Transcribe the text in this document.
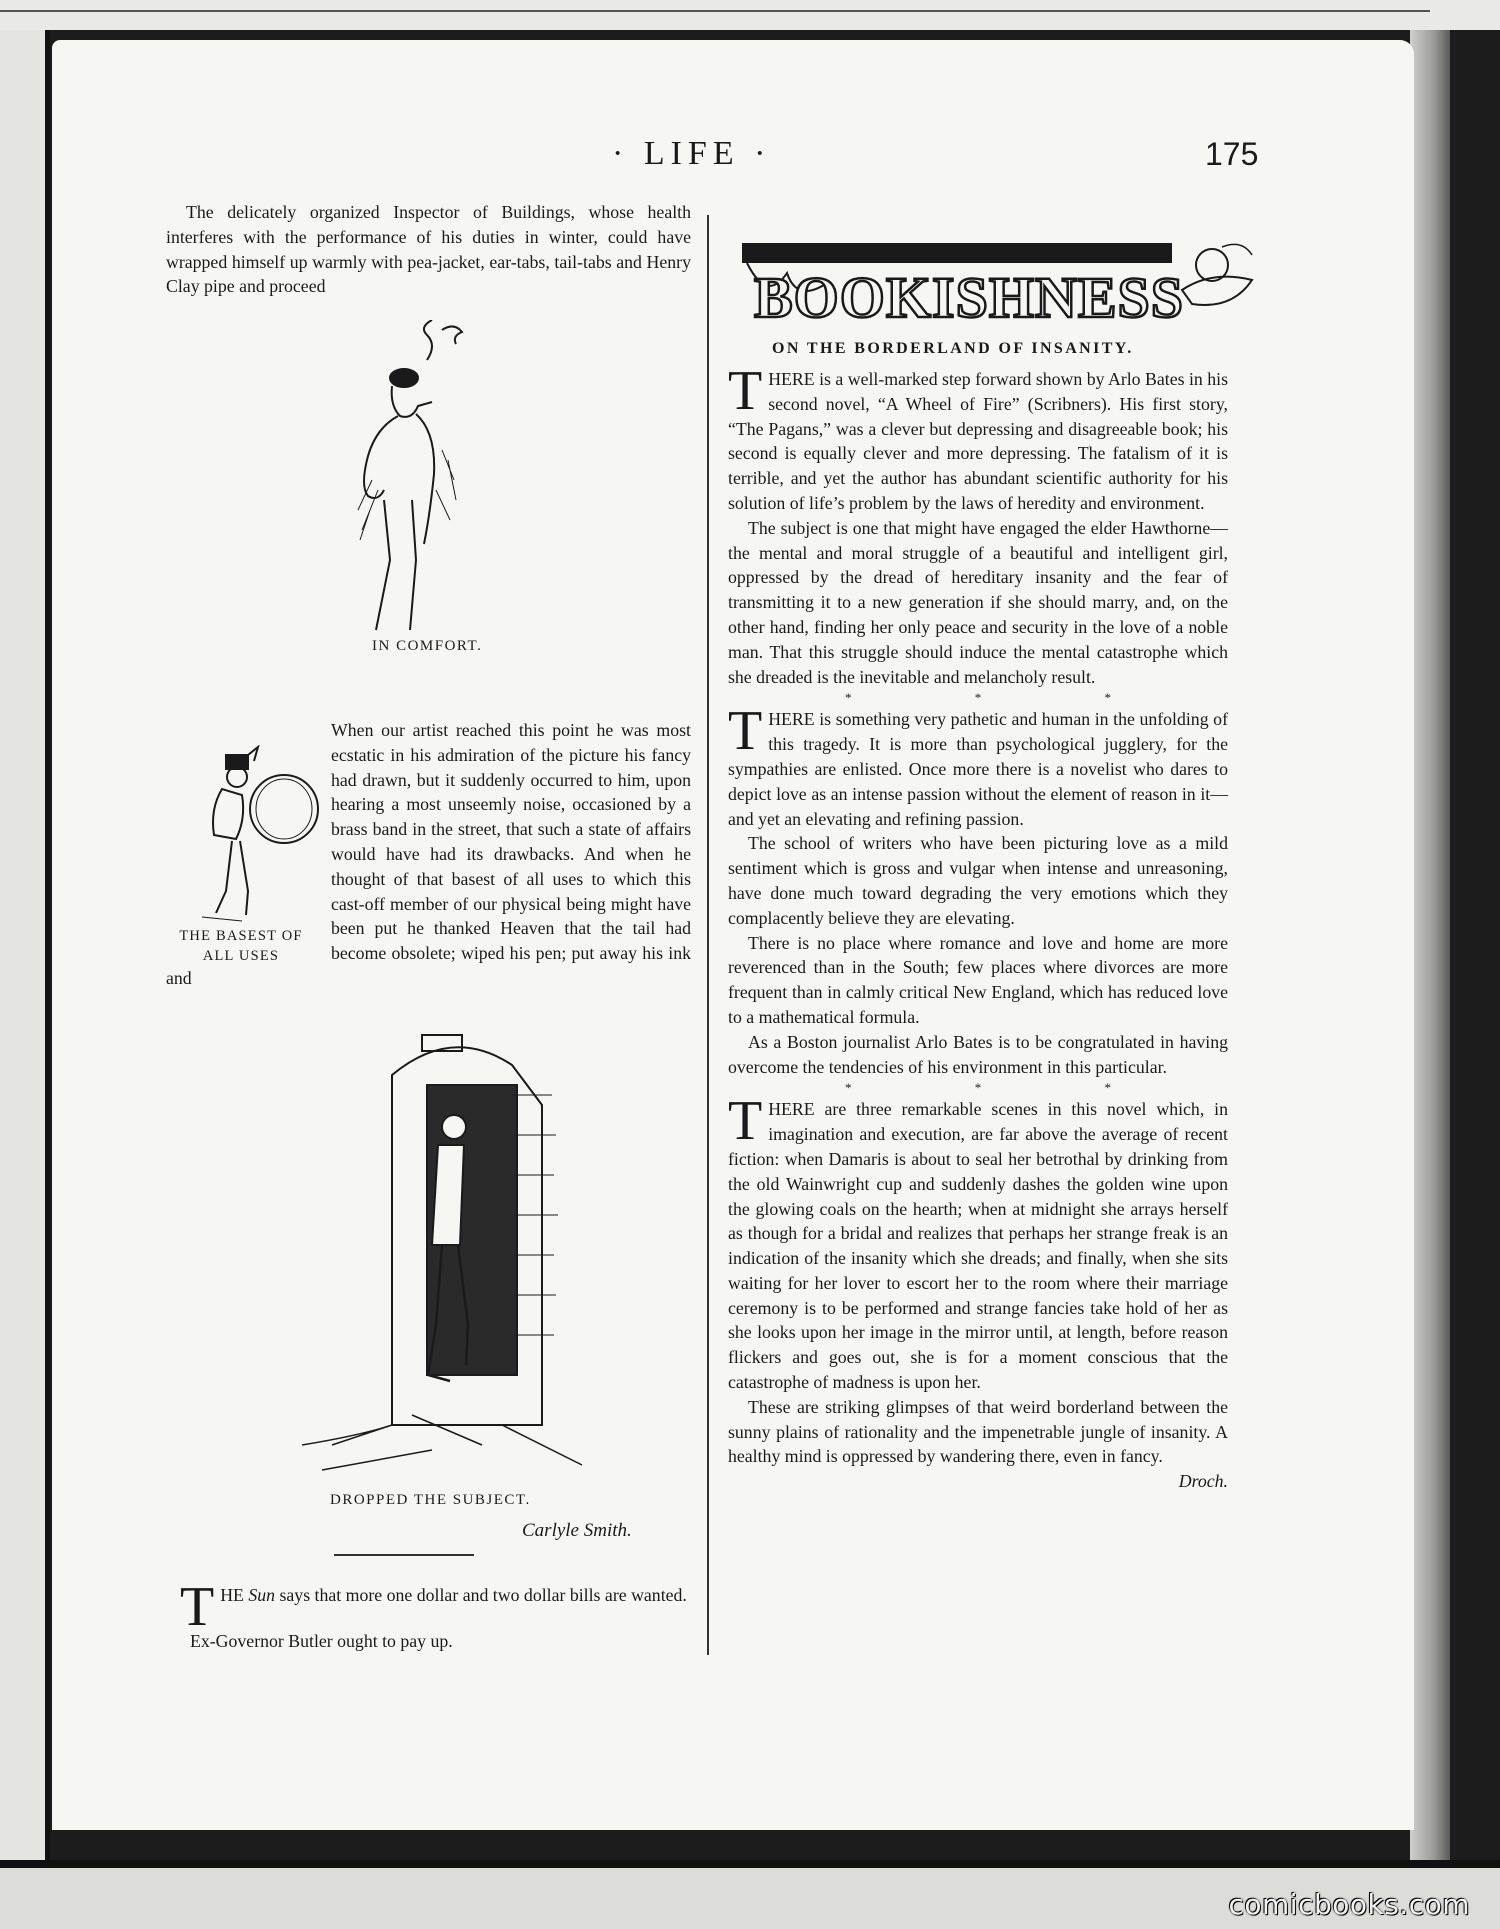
comicbooks.com
· LIFE ·	175

The delicately organized Inspector of Buildings, whose health interferes with the performance of his duties in winter, could have wrapped himself up warmly with pea-jacket, ear-tabs, tail-tabs and Henry Clay pipe and proceed

IN COMFORT.
When our artist reached this point he was most ecstatic in his admiration of the picture his fancy had drawn, but it suddenly occurred to him, upon hearing a most unseemly noise, occasioned by a brass band in the street, that such a state of affairs would have had its drawbacks. And when he thought of that basest of all uses to which this cast-off member of our physical being might have been put he thanked Heaven that the tail had become obsolete; wiped his pen; put away his ink and
THE BASEST OF ALL USES
DROPPED THE SUBJECT.
Carlyle Smith.
T HE Sun says that more one dollar and two dollar bills are wanted.
Ex-Governor Butler ought to pay up.
BOOKISHNESS
ON THE BORDERLAND OF INSANITY.

THERE is a well-marked step forward shown by Arlo Bates in his second novel, “A Wheel of Fire” (Scribners). His first story, “The Pagans,” was a clever but depressing and disagreeable book; his second is equally clever and more depressing. The fatalism of it is terrible, and yet the author has abundant scientific authority for his solution of life’s problem by the laws of heredity and environment.

The subject is one that might have engaged the elder Hawthorne—the mental and moral struggle of a beautiful and intelligent girl, oppressed by the dread of hereditary insanity and the fear of transmitting it to a new generation if she should marry, and, on the other hand, finding her only peace and security in the love of a noble man. That this struggle should induce the mental catastrophe which she dreaded is the inevitable and melancholy result.

* * *

THERE is something very pathetic and human in the unfolding of this tragedy. It is more than psychological jugglery, for the sympathies are enlisted. Once more there is a novelist who dares to depict love as an intense passion without the element of reason in it—and yet an elevating and refining passion.

The school of writers who have been picturing love as a mild sentiment which is gross and vulgar when intense and unreasoning, have done much toward degrading the very emotions which they complacently believe they are elevating.

There is no place where romance and love and home are more reverenced than in the South; few places where divorces are more frequent than in calmly critical New England, which has reduced love to a mathematical formula.

As a Boston journalist Arlo Bates is to be congratulated in having overcome the tendencies of his environment in this particular.

* * *

THERE are three remarkable scenes in this novel which, in imagination and execution, are far above the average of recent fiction: when Damaris is about to seal her betrothal by drinking from the old Wainwright cup and suddenly dashes the golden wine upon the glowing coals on the hearth; when at midnight she arrays herself as though for a bridal and realizes that perhaps her strange freak is an indication of the insanity which she dreads; and finally, when she sits waiting for her lover to escort her to the room where their marriage ceremony is to be performed and strange fancies take hold of her as she looks upon her image in the mirror until, at length, before reason flickers and goes out, she is for a moment conscious that the catastrophe of madness is upon her.

These are striking glimpses of that weird borderland between the sunny plains of rationality and the impenetrable jungle of insanity. A healthy mind is oppressed by wandering there, even in fancy.
Droch.
